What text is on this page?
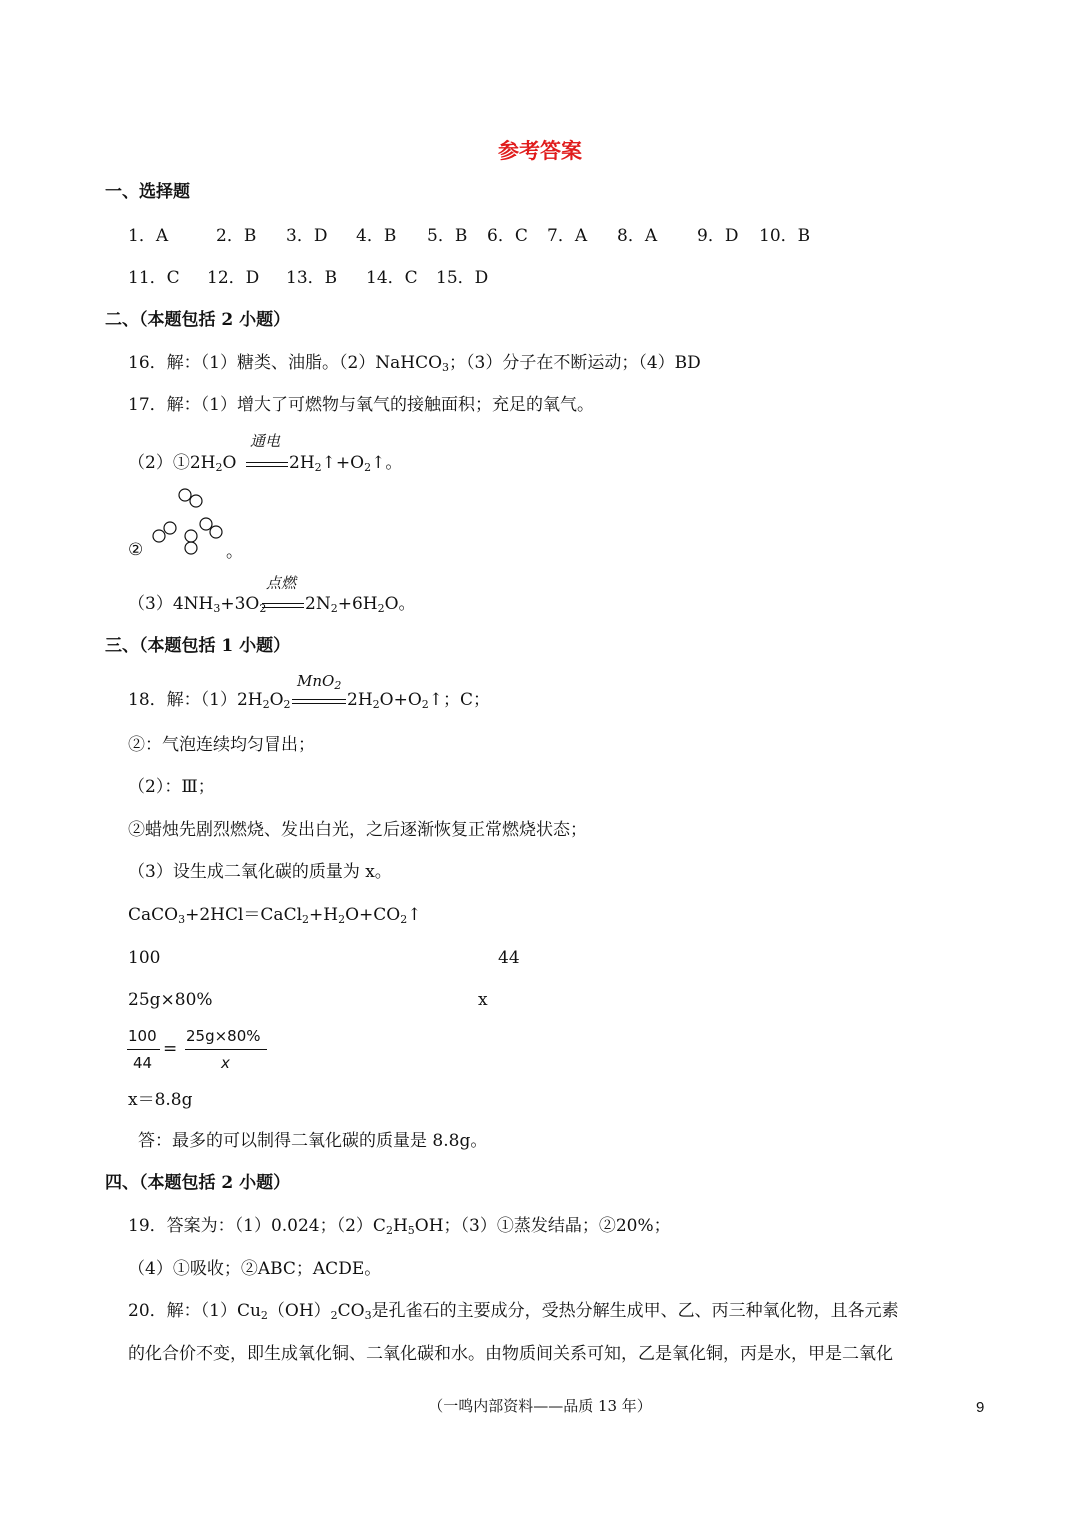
参考答案
一、选择题
1．A	2．B 3．D 4．B 5．B 6．C 7．A 8．A 9．D 10．B
11．C 12．D 13．B 14．C 15．D
二、（本题包括 2 小题）
16．解：（1）糖类、油脂。（2）NaHCO$_3$；（3）分子在不断运动；（4）BD
17．解：（1）增大了可燃物与氧气的接触面积；充足的氧气。
通电
$(2)①2H_2O$	$2H_2↑+O_2↑$。
②	。
点燃
$(3)4NH_3+3O_2$ $2N_2+6H_2O$。
三、（本题包括 1 小题）
MnO$_2$
18．解：$(1)2H_2O_2$	$2H_2O+O_2↑$；C；
②：气泡连续均匀冒出；
（2）：Ⅲ；
②蜡烛先剧烈燃烧、发出白光，之后逐渐恢复正常燃烧状态；
（3）设生成二氧化碳的质量为 x。
$CaCO_3+2HCl=CaCl_2+H_2O+CO_2↑$
100	44
25g×80%	x
100
44
=
25g×80%
x
x＝8.8g
答：最多的可以制得二氧化碳的质量是 8.8g。
四、（本题包括 2 小题）
19．答案为：（1）0.024；$(2)C_2H_5OH$；（3）①蒸发结晶；②20%；
（4）①吸收；②ABC；ACDE。
20．解：$(1)Cu_2(OH)_2CO_3$是孔雀石的主要成分，受热分解生成甲、乙、丙三种氧化物，且各元素
的化合价不变，即生成氧化铜、二氧化碳和水。由物质间关系可知，乙是氧化铜，丙是水，甲是二氧化
（一鸣内部资料——品质 13 年）	9
